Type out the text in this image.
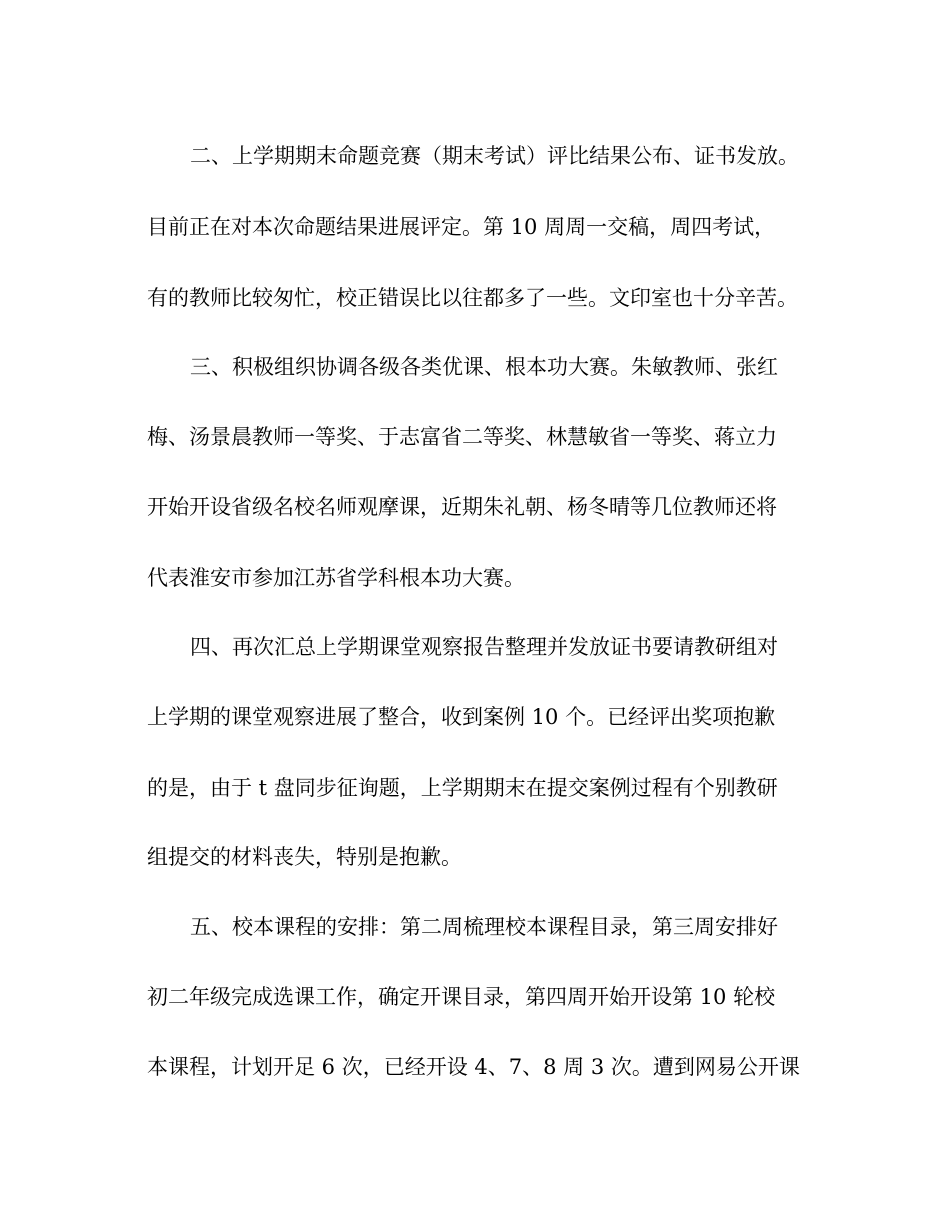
二、上学期期末命题竞赛（期末考试）评比结果公布、证书发放。
目前正在对本次命题结果进展评定。第 10 周周一交稿，周四考试，
有的教师比较匆忙，校正错误比以往都多了一些。文印室也十分辛苦。
三、积极组织协调各级各类优课、根本功大赛。朱敏教师、张红
梅、汤景晨教师一等奖、于志富省二等奖、林慧敏省一等奖、蒋立力
开始开设省级名校名师观摩课，近期朱礼朝、杨冬晴等几位教师还将
代表淮安市参加江苏省学科根本功大赛。
四、再次汇总上学期课堂观察报告整理并发放证书要请教研组对
上学期的课堂观察进展了整合，收到案例 10 个。已经评出奖项抱歉
的是，由于 t 盘同步征询题，上学期期末在提交案例过程有个别教研
组提交的材料丧失，特别是抱歉。
五、校本课程的安排：第二周梳理校本课程目录，第三周安排好
初二年级完成选课工作，确定开课目录，第四周开始开设第 10 轮校
本课程，计划开足 6 次，已经开设 4、7、8 周 3 次。遭到网易公开课
